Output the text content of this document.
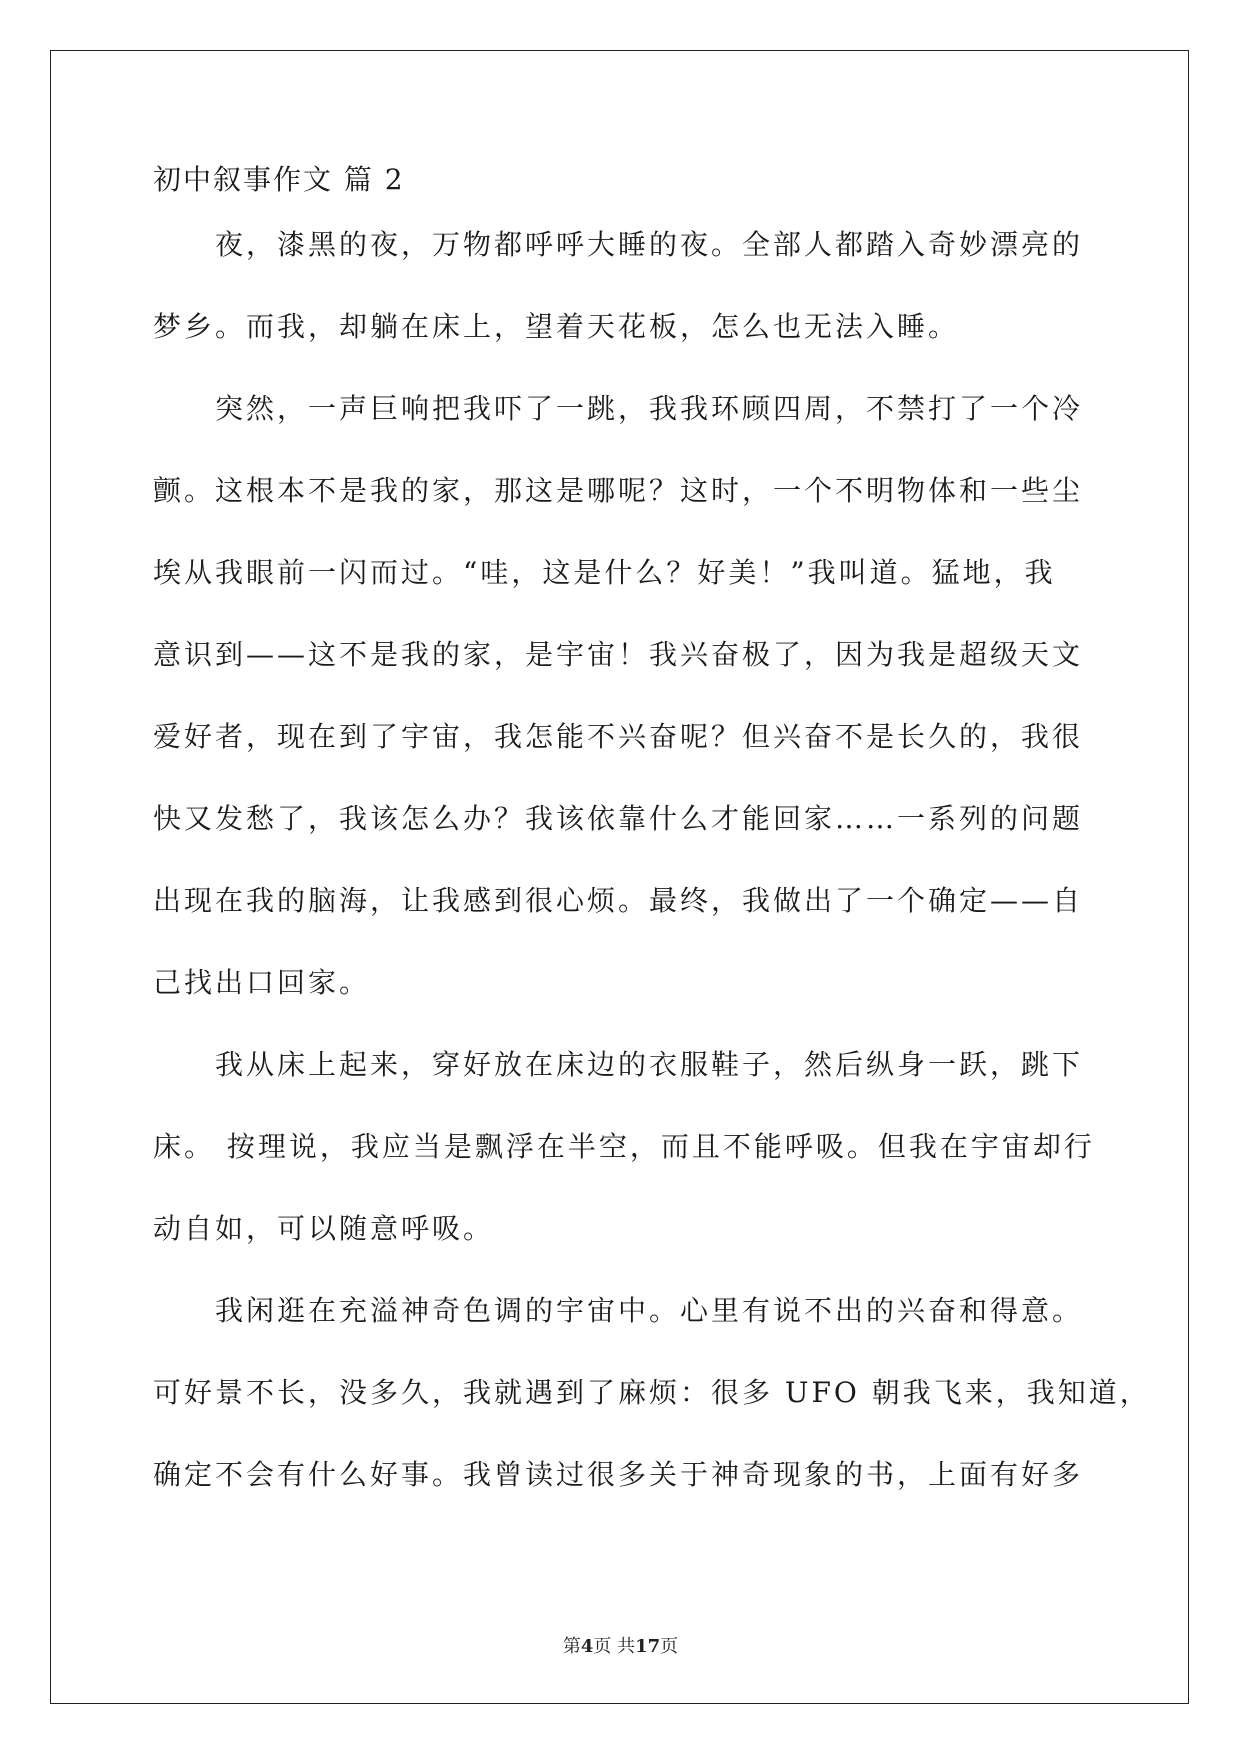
初中叙事作文 篇 2
夜，漆黑的夜，万物都呼呼大睡的夜。全部人都踏入奇妙漂亮的
梦乡。而我，却躺在床上，望着天花板，怎么也无法入睡。
突然，一声巨响把我吓了一跳，我我环顾四周，不禁打了一个冷
颤。这根本不是我的家，那这是哪呢？这时，一个不明物体和一些尘
埃从我眼前一闪而过。“哇，这是什么？好美！”我叫道。猛地，我
意识到——这不是我的家，是宇宙！我兴奋极了，因为我是超级天文
爱好者，现在到了宇宙，我怎能不兴奋呢？但兴奋不是长久的，我很
快又发愁了，我该怎么办？我该依靠什么才能回家……一系列的问题
出现在我的脑海，让我感到很心烦。最终，我做出了一个确定——自
己找出口回家。
我从床上起来，穿好放在床边的衣服鞋子，然后纵身一跃，跳下
床。 按理说，我应当是飘浮在半空，而且不能呼吸。但我在宇宙却行
动自如，可以随意呼吸。
我闲逛在充溢神奇色调的宇宙中。心里有说不出的兴奋和得意。
可好景不长，没多久，我就遇到了麻烦：很多 UFO 朝我飞来，我知道，
确定不会有什么好事。我曾读过很多关于神奇现象的书，上面有好多
第4页 共17页
